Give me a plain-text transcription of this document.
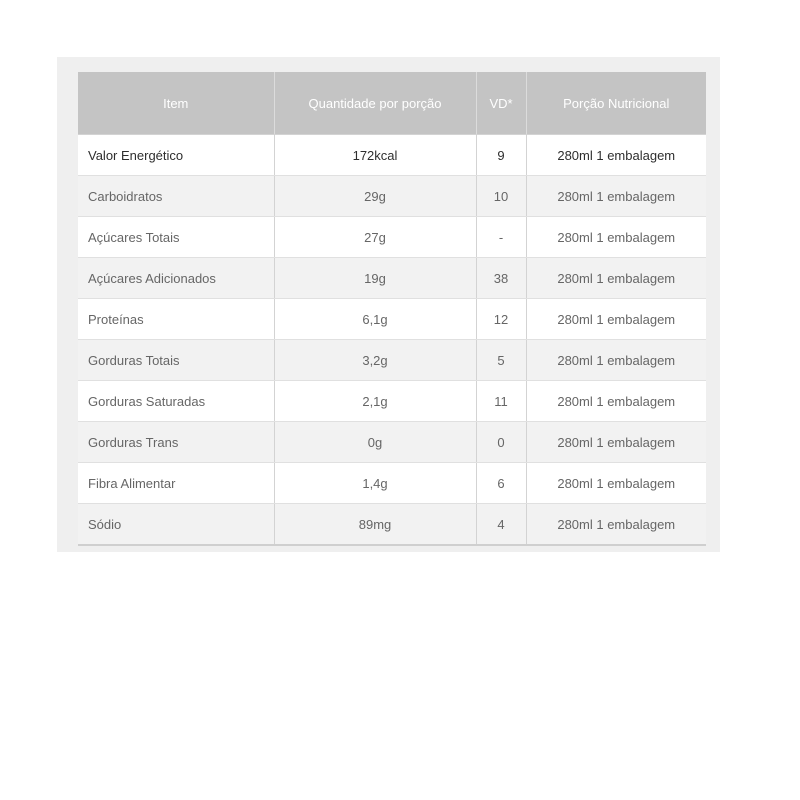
Item	Quantidade por porção	VD*	Porção Nutricional
Valor Energético	172kcal	9	280ml 1 embalagem
Carboidratos	29g	10	280ml 1 embalagem
Açúcares Totais	27g	-	280ml 1 embalagem
Açúcares Adicionados	19g	38	280ml 1 embalagem
Proteínas	6,1g	12	280ml 1 embalagem
Gorduras Totais	3,2g	5	280ml 1 embalagem
Gorduras Saturadas	2,1g	11	280ml 1 embalagem
Gorduras Trans	0g	0	280ml 1 embalagem
Fibra Alimentar	1,4g	6	280ml 1 embalagem
Sódio	89mg	4	280ml 1 embalagem
